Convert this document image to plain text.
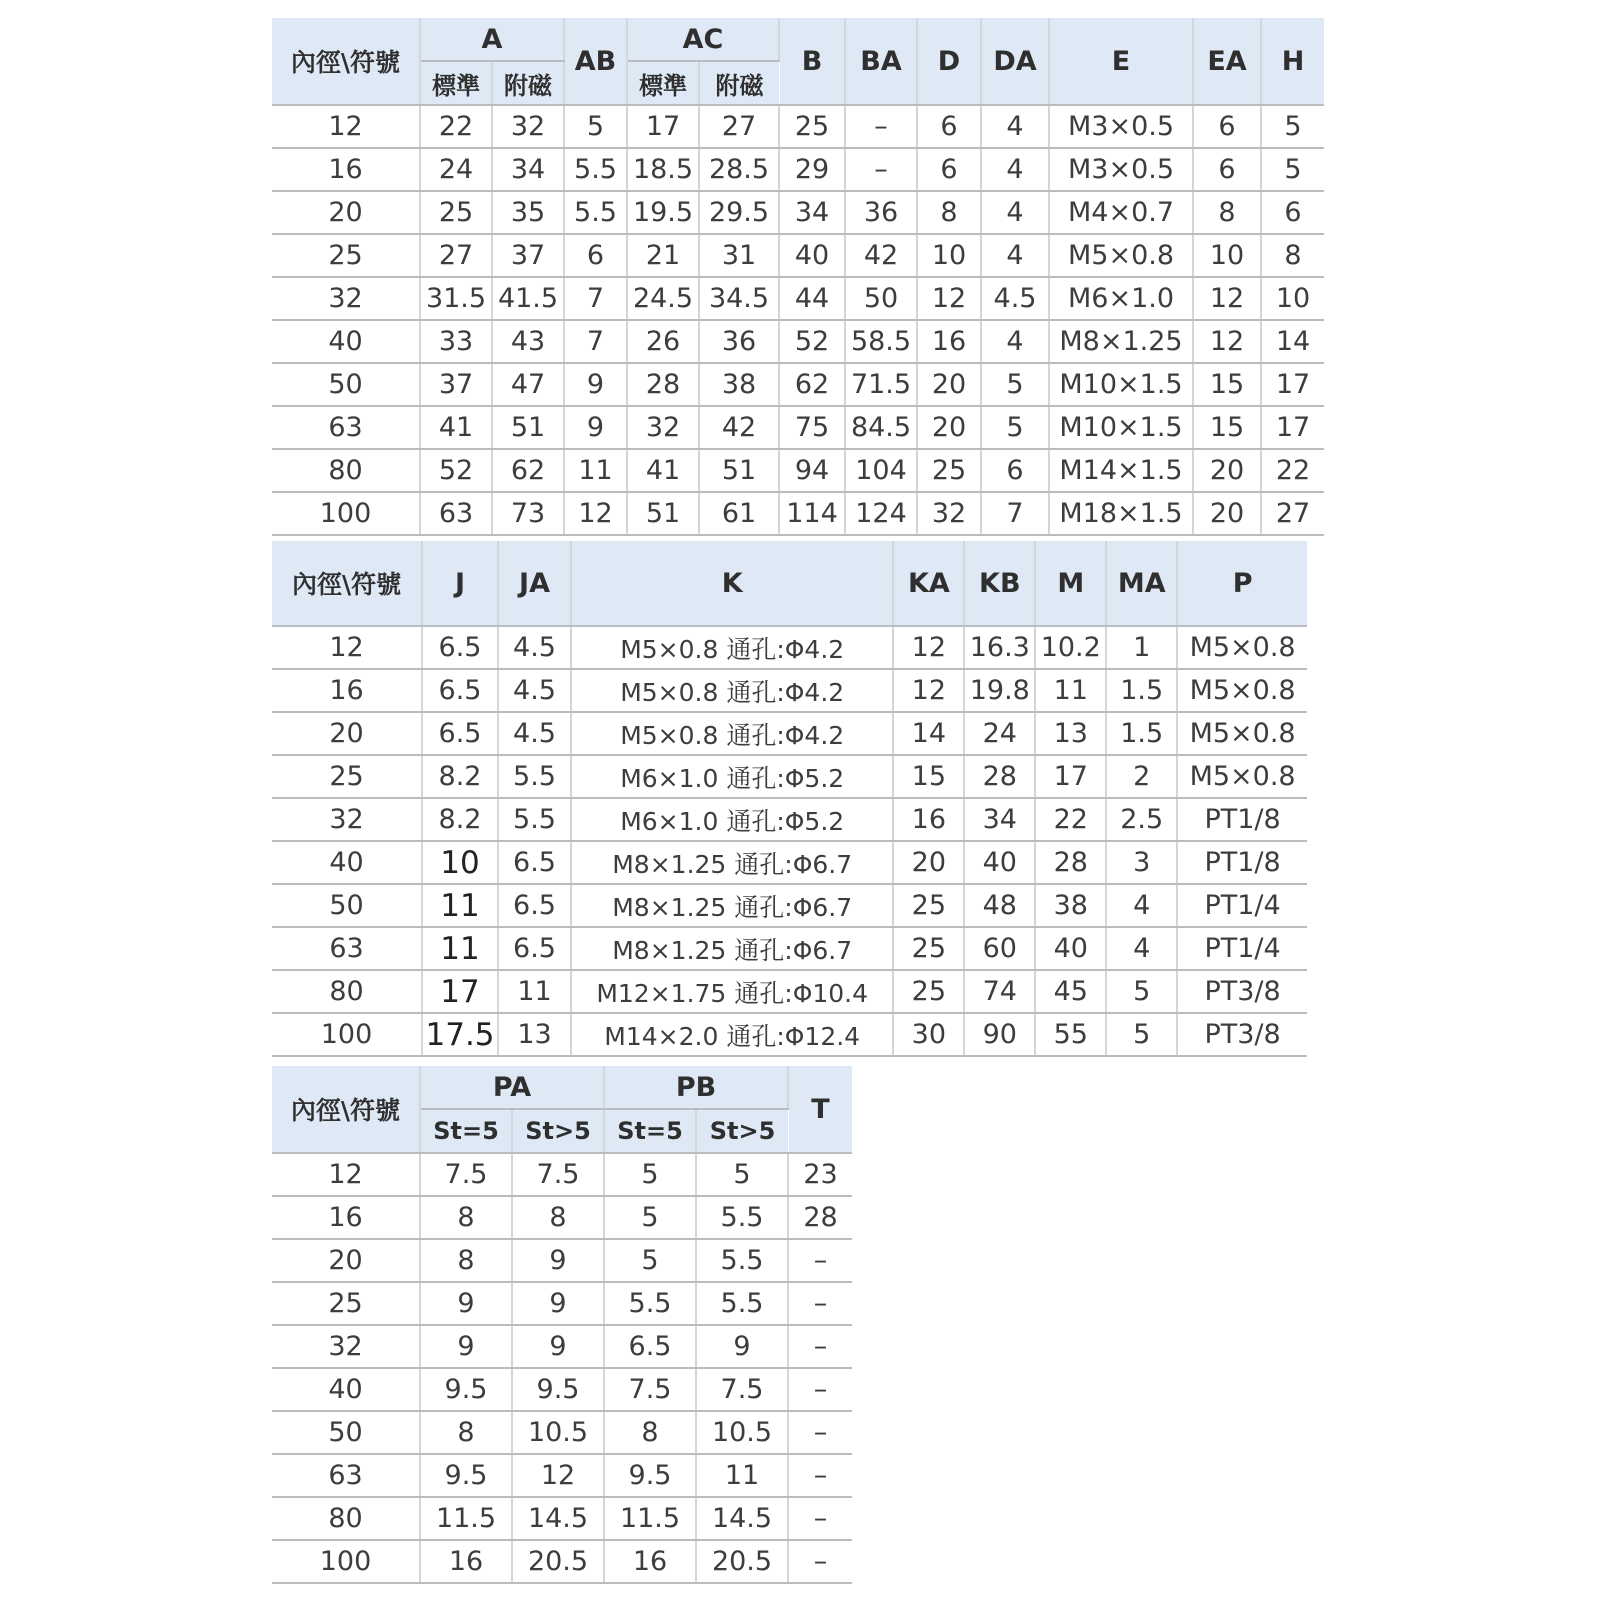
內徑\符號	A		AB	AC		B	BA	D	DA	E	EA	H
	標準	附磁		標準	附磁							
12	22	32	5	17	27	25	–	6	4	M3×0.5	6	5
16	24	34	5.5	18.5	28.5	29	–	6	4	M3×0.5	6	5
20	25	35	5.5	19.5	29.5	34	36	8	4	M4×0.7	8	6
25	27	37	6	21	31	40	42	10	4	M5×0.8	10	8
32	31.5	41.5	7	24.5	34.5	44	50	12	4.5	M6×1.0	12	10
40	33	43	7	26	36	52	58.5	16	4	M8×1.25	12	14
50	37	47	9	28	38	62	71.5	20	5	M10×1.5	15	17
63	41	51	9	32	42	75	84.5	20	5	M10×1.5	15	17
80	52	62	11	41	51	94	104	25	6	M14×1.5	20	22
100	63	73	12	51	61	114	124	32	7	M18×1.5	20	27
內徑\符號	J	JA	K	KA	KB	M	MA	P
12	6.5	4.5	M5×0.8 通孔:Φ4.2	12	16.3	10.2	1	M5×0.8
16	6.5	4.5	M5×0.8 通孔:Φ4.2	12	19.8	11	1.5	M5×0.8
20	6.5	4.5	M5×0.8 通孔:Φ4.2	14	24	13	1.5	M5×0.8
25	8.2	5.5	M6×1.0 通孔:Φ5.2	15	28	17	2	M5×0.8
32	8.2	5.5	M6×1.0 通孔:Φ5.2	16	34	22	2.5	PT1/8
40	10	6.5	M8×1.25 通孔:Φ6.7	20	40	28	3	PT1/8
50	11	6.5	M8×1.25 通孔:Φ6.7	25	48	38	4	PT1/4
63	11	6.5	M8×1.25 通孔:Φ6.7	25	60	40	4	PT1/4
80	17	11	M12×1.75 通孔:Φ10.4	25	74	45	5	PT3/8
100	17.5	13	M14×2.0 通孔:Φ12.4	30	90	55	5	PT3/8
內徑\符號	PA		PB		T
	St=5	St>5	St=5	St>5	
12	7.5	7.5	5	5	23
16	8	8	5	5.5	28
20	8	9	5	5.5	–
25	9	9	5.5	5.5	–
32	9	9	6.5	9	–
40	9.5	9.5	7.5	7.5	–
50	8	10.5	8	10.5	–
63	9.5	12	9.5	11	–
80	11.5	14.5	11.5	14.5	–
100	16	20.5	16	20.5	–
